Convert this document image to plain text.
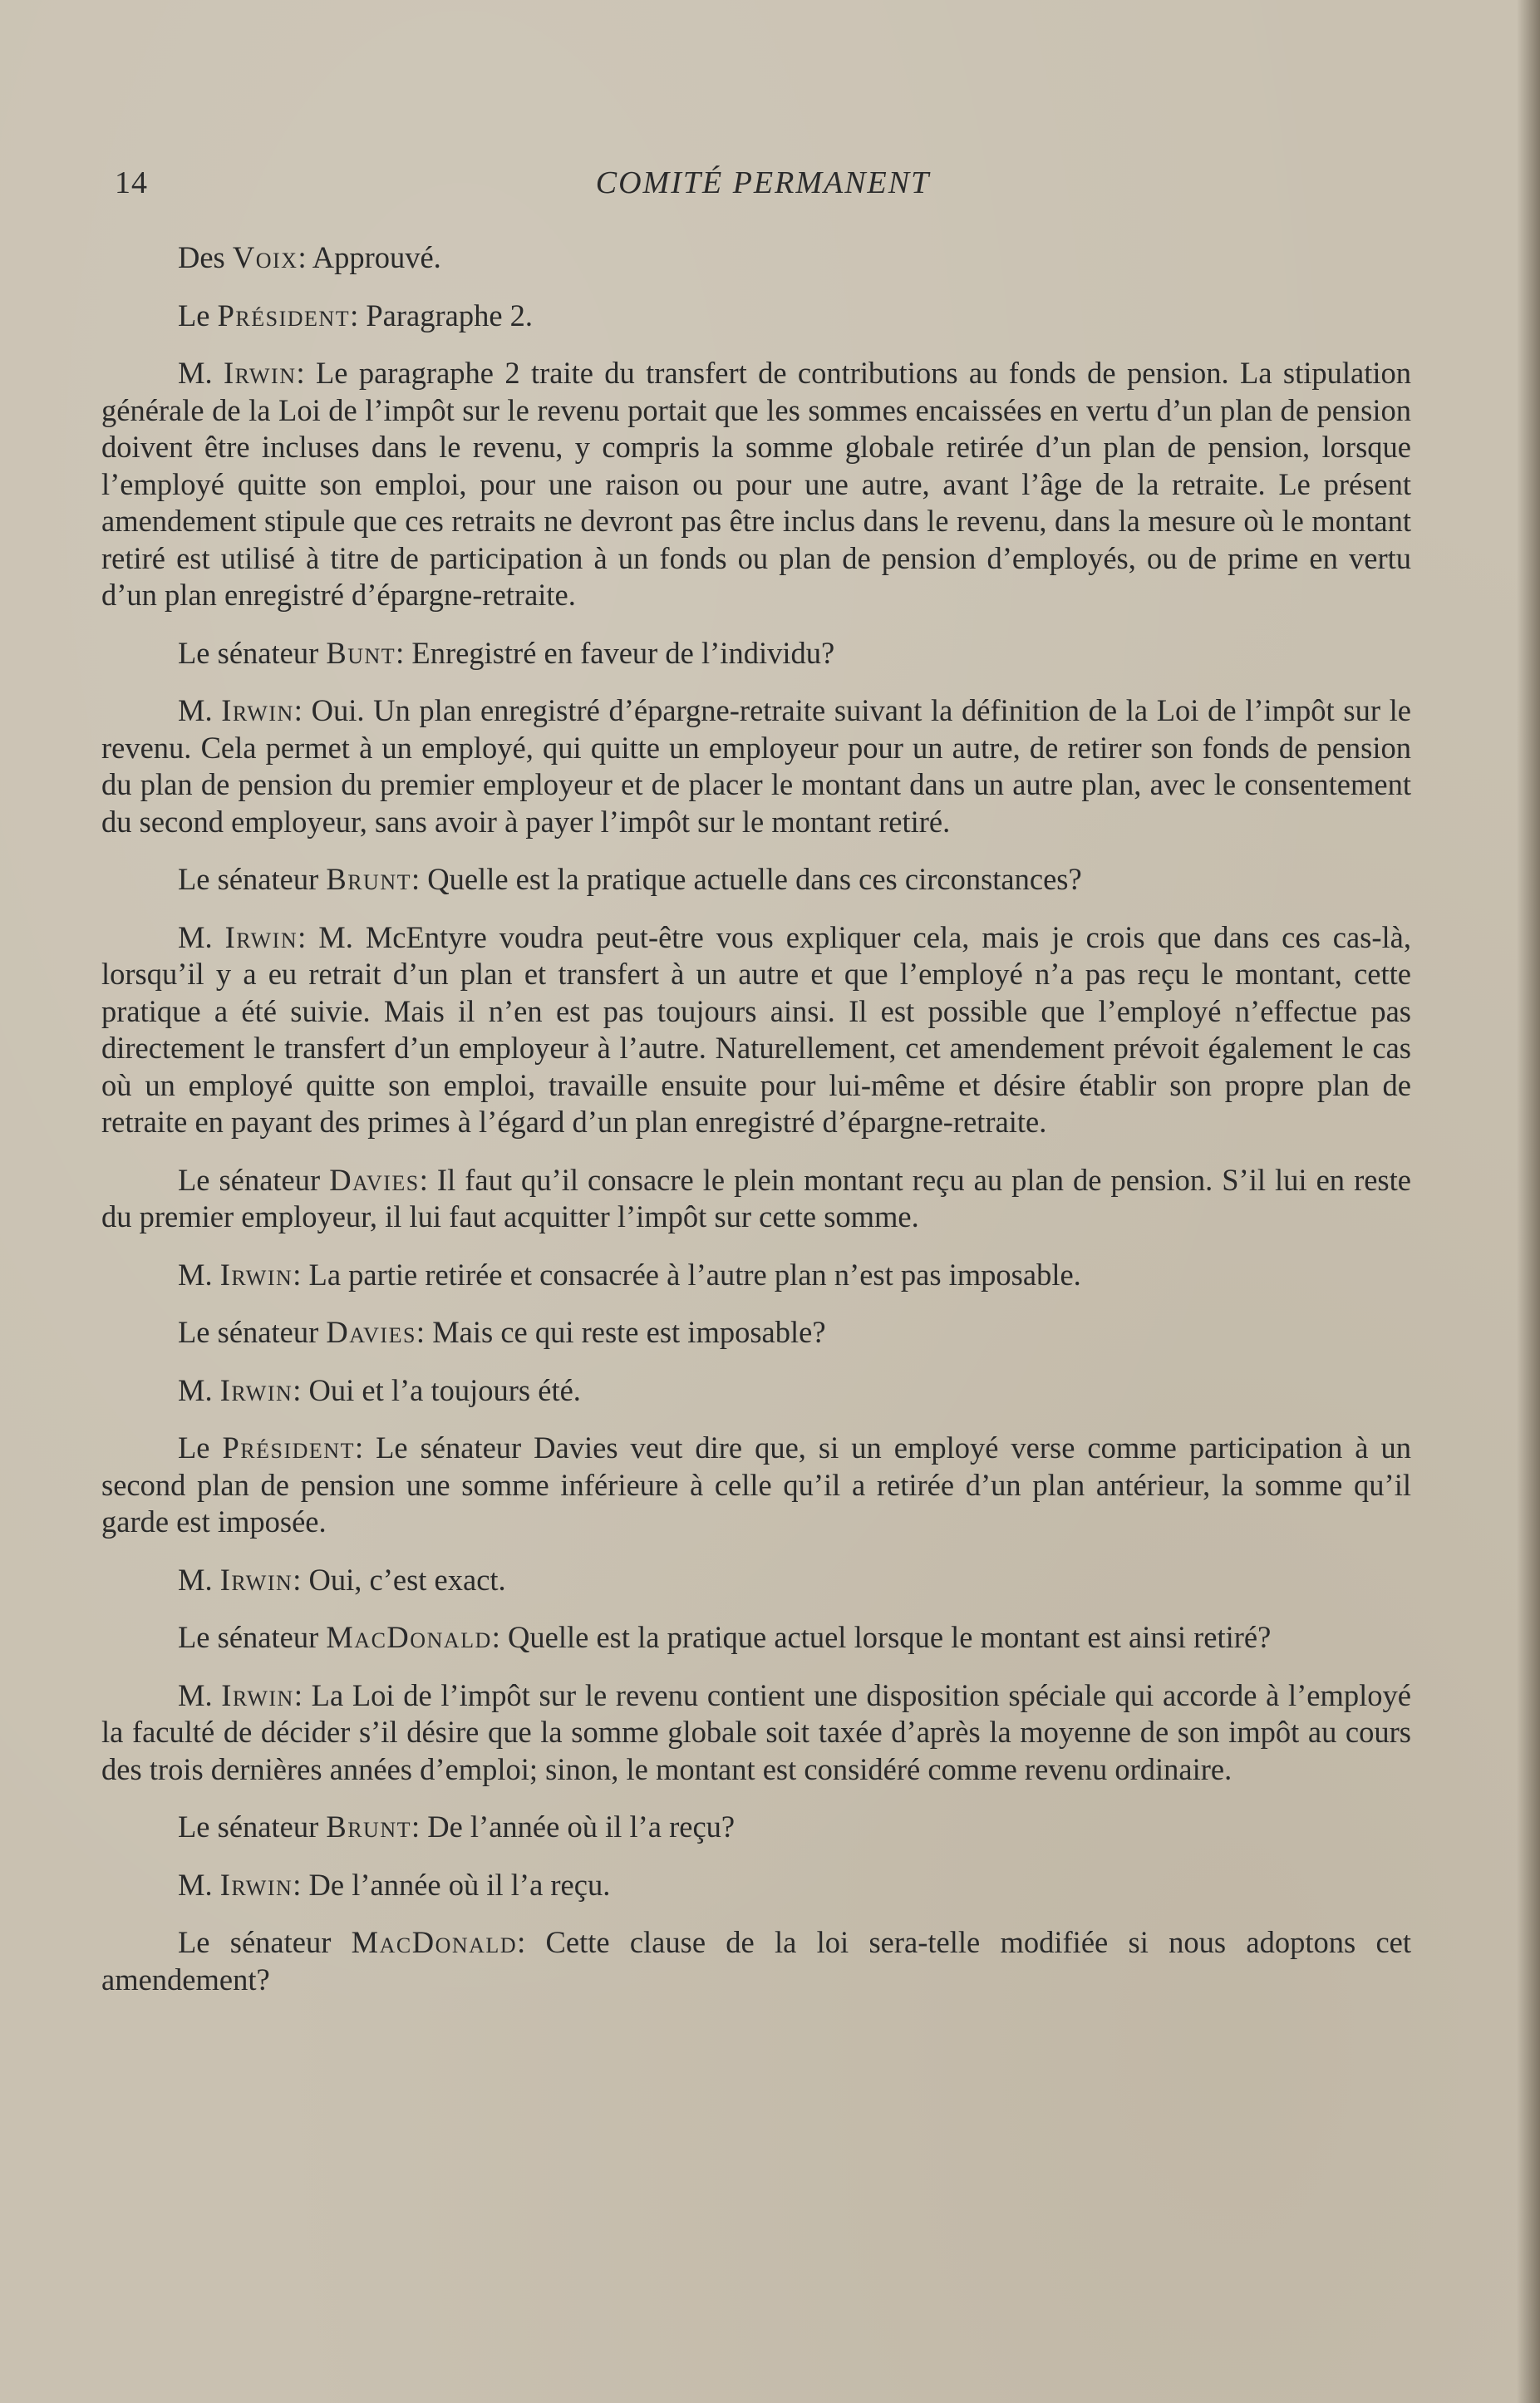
14	COMITÉ PERMANENT

Des Voix: Approuvé.

Le Président: Paragraphe 2.

M. Irwin: Le paragraphe 2 traite du transfert de contributions au fonds de pension. La stipulation générale de la Loi de l’impôt sur le revenu portait que les sommes encaissées en vertu d’un plan de pension doivent être incluses dans le revenu, y compris la somme globale retirée d’un plan de pension, lorsque l’employé quitte son emploi, pour une raison ou pour une autre, avant l’âge de la retraite. Le présent amendement stipule que ces retraits ne devront pas être inclus dans le revenu, dans la mesure où le montant retiré est utilisé à titre de participation à un fonds ou plan de pension d’employés, ou de prime en vertu d’un plan enregistré d’épargne-retraite.

Le sénateur Bunt: Enregistré en faveur de l’individu?

M. Irwin: Oui. Un plan enregistré d’épargne-retraite suivant la définition de la Loi de l’impôt sur le revenu. Cela permet à un employé, qui quitte un employeur pour un autre, de retirer son fonds de pension du plan de pension du premier employeur et de placer le montant dans un autre plan, avec le consentement du second employeur, sans avoir à payer l’impôt sur le montant retiré.

Le sénateur Brunt: Quelle est la pratique actuelle dans ces circonstances?

M. Irwin: M. McEntyre voudra peut-être vous expliquer cela, mais je crois que dans ces cas-là, lorsqu’il y a eu retrait d’un plan et transfert à un autre et que l’employé n’a pas reçu le montant, cette pratique a été suivie. Mais il n’en est pas toujours ainsi. Il est possible que l’employé n’effectue pas directement le transfert d’un employeur à l’autre. Naturellement, cet amendement prévoit également le cas où un employé quitte son emploi, travaille ensuite pour lui-même et désire établir son propre plan de retraite en payant des primes à l’égard d’un plan enregistré d’épargne-retraite.

Le sénateur Davies: Il faut qu’il consacre le plein montant reçu au plan de pension. S’il lui en reste du premier employeur, il lui faut acquitter l’impôt sur cette somme.

M. Irwin: La partie retirée et consacrée à l’autre plan n’est pas imposable.

Le sénateur Davies: Mais ce qui reste est imposable?

M. Irwin: Oui et l’a toujours été.

Le Président: Le sénateur Davies veut dire que, si un employé verse comme participation à un second plan de pension une somme inférieure à celle qu’il a retirée d’un plan antérieur, la somme qu’il garde est imposée.

M. Irwin: Oui, c’est exact.

Le sénateur MacDonald: Quelle est la pratique actuel lorsque le montant est ainsi retiré?

M. Irwin: La Loi de l’impôt sur le revenu contient une disposition spéciale qui accorde à l’employé la faculté de décider s’il désire que la somme globale soit taxée d’après la moyenne de son impôt au cours des trois dernières années d’emploi; sinon, le montant est considéré comme revenu ordinaire.

Le sénateur Brunt: De l’année où il l’a reçu?

M. Irwin: De l’année où il l’a reçu.

Le sénateur MacDonald: Cette clause de la loi sera-telle modifiée si nous adoptons cet amendement?
